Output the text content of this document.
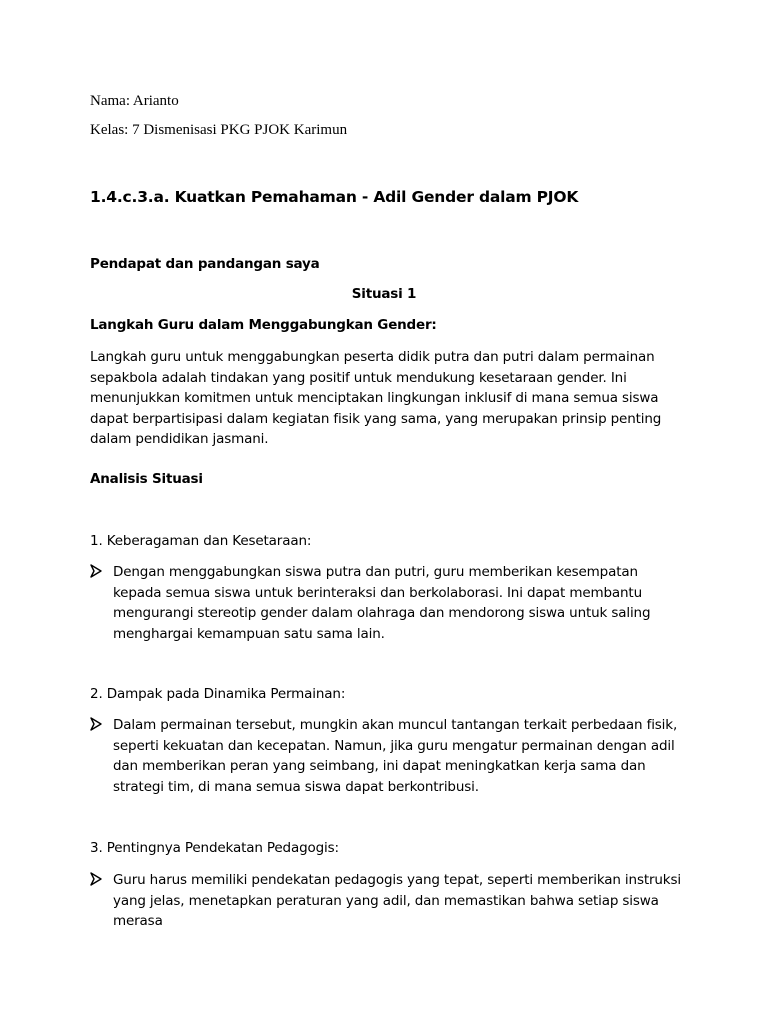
Nama: Arianto
Kelas: 7 Dismenisasi PKG PJOK Karimun
1.4.c.3.a. Kuatkan Pemahaman - Adil Gender dalam PJOK
Pendapat dan pandangan saya
Situasi 1
Langkah Guru dalam Menggabungkan Gender:
Langkah guru untuk menggabungkan peserta didik putra dan putri dalam permainan sepakbola adalah tindakan yang positif untuk mendukung kesetaraan gender. Ini menunjukkan komitmen untuk menciptakan lingkungan inklusif di mana semua siswa dapat berpartisipasi dalam kegiatan fisik yang sama, yang merupakan prinsip penting dalam pendidikan jasmani.
Analisis Situasi
1. Keberagaman dan Kesetaraan:
Dengan menggabungkan siswa putra dan putri, guru memberikan kesempatan kepada semua siswa untuk berinteraksi dan berkolaborasi. Ini dapat membantu mengurangi stereotip gender dalam olahraga dan mendorong siswa untuk saling menghargai kemampuan satu sama lain.
2. Dampak pada Dinamika Permainan:
Dalam permainan tersebut, mungkin akan muncul tantangan terkait perbedaan fisik, seperti kekuatan dan kecepatan. Namun, jika guru mengatur permainan dengan adil dan memberikan peran yang seimbang, ini dapat meningkatkan kerja sama dan strategi tim, di mana semua siswa dapat berkontribusi.
3. Pentingnya Pendekatan Pedagogis:
Guru harus memiliki pendekatan pedagogis yang tepat, seperti memberikan instruksi yang jelas, menetapkan peraturan yang adil, dan memastikan bahwa setiap siswa merasa
